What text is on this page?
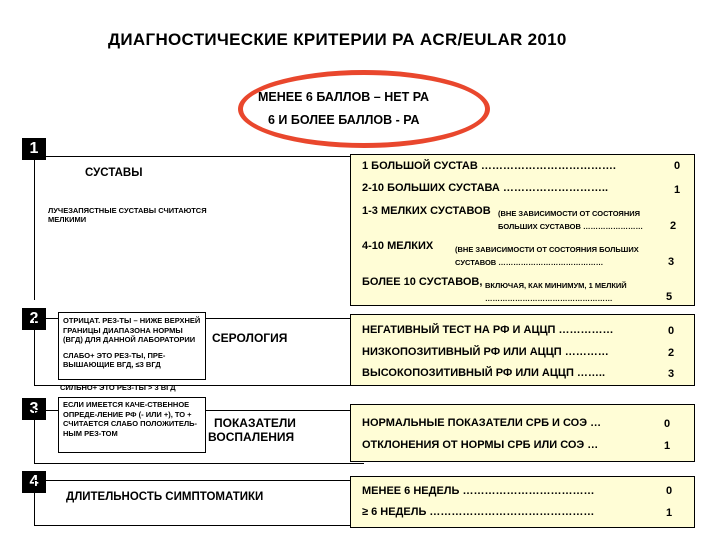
ДИАГНОСТИЧЕСКИЕ КРИТЕРИИ РА ACR/EULAR 2010
МЕНЕЕ 6 БАЛЛОВ – НЕТ РА
6 И БОЛЕЕ БАЛЛОВ - РА
1
СУСТАВЫ
ЛУЧЕЗАПЯСТНЫЕ СУСТАВЫ СЧИТАЮТСЯ МЕЛКИМИ
1 БОЛЬШОЙ СУСТАВ ……………………………….	0
2-10 БОЛЬШИХ СУСТАВА ………………………..	1
1-3 МЕЛКИХ СУСТАВОВ (ВНЕ ЗАВИСИМОСТИ ОТ СОСТОЯНИЯ БОЛЬШИХ СУСТАВОВ ……………………	2
4-10 МЕЛКИХ	(ВНЕ ЗАВИСИМОСТИ ОТ СОСТОЯНИЯ БОЛЬШИХ СУСТАВОВ ……………………………………	3
БОЛЕЕ 10 СУСТАВОВ, ВКЛЮЧАЯ, КАК МИНИМУМ, 1 МЕЛКИЙ ……………………………………………	5
2	ОТРИЦАТ. РЕЗ-ТЫ – НИЖЕ ВЕРХНЕЙ ГРАНИЦЫ ДИАПАЗОНА НОРМЫ (ВГД) ДЛЯ ДАННОЙ ЛАБОРАТОРИИ
СЛАБО+ ЭТО РЕЗ-ТЫ, ПРЕ-ВЫШАЮЩИЕ ВГД, ≤3 ВГД
СЕРОЛОГИЯ
СИЛЬНО+ ЭТО РЕЗ-ТЫ > 3 ВГД
НЕГАТИВНЫЙ ТЕСТ НА РФ И АЦЦП ……………	0
НИЗКОПОЗИТИВНЫЙ РФ ИЛИ АЦЦП …………	2
ВЫСОКОПОЗИТИВНЫЙ РФ ИЛИ АЦЦП ……..	3
3	ЕСЛИ ИМЕЕТСЯ КАЧЕ-СТВЕННОЕ ОПРЕДЕ-ЛЕНИЕ РФ (- ИЛИ +), ТО + СЧИТАЕТСЯ СЛАБО ПОЛОЖИТЕЛЬ-НЫМ РЕЗ-ТОМ
ПОКАЗАТЕЛИ
ВОСПАЛЕНИЯ
НОРМАЛЬНЫЕ ПОКАЗАТЕЛИ СРБ И СОЭ …	0
ОТКЛОНЕНИЯ ОТ НОРМЫ СРБ ИЛИ СОЭ …	1
4
ДЛИТЕЛЬНОСТЬ СИМПТОМАТИКИ	МЕНЕЕ 6 НЕДЕЛЬ ………………………………	0
≥ 6 НЕДЕЛЬ ………………………………………	1
